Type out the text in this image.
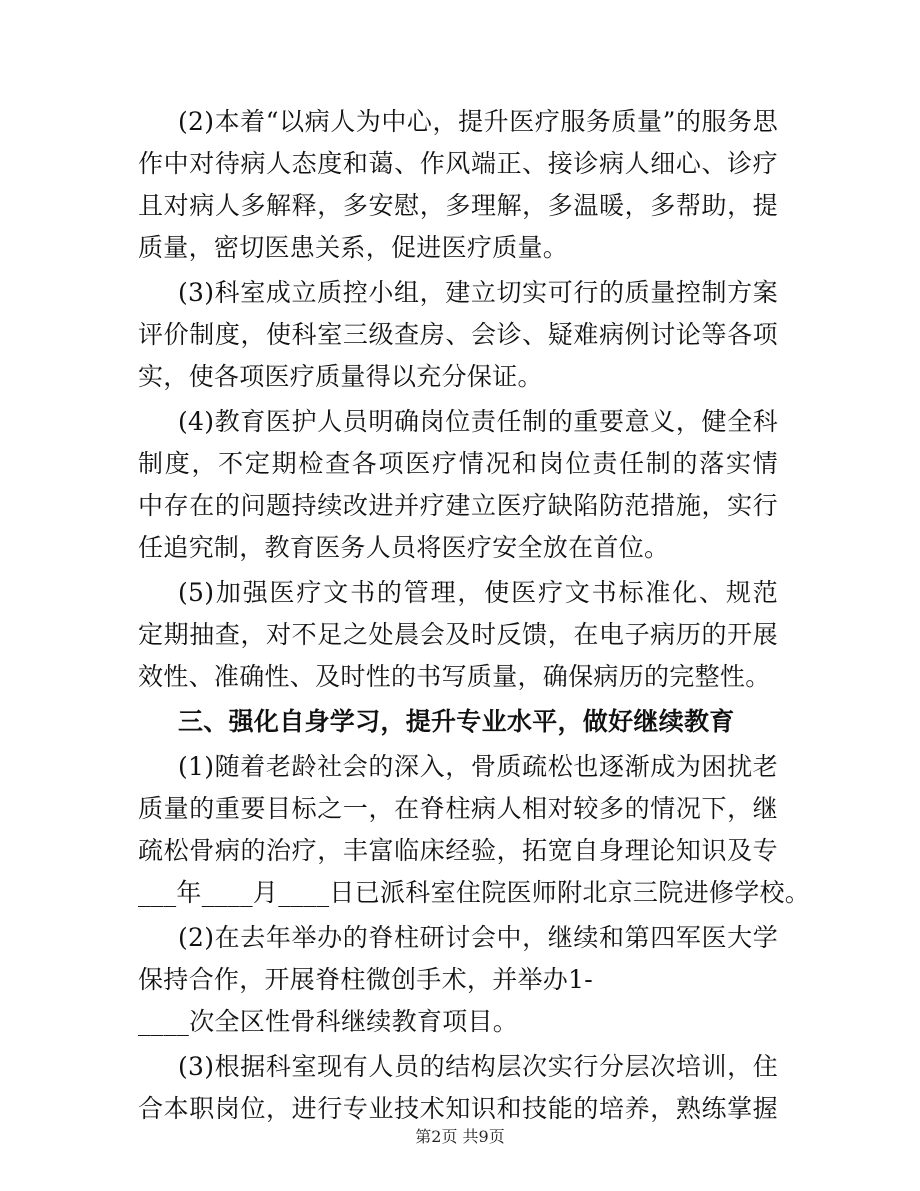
(2)本着“以病人为中心，提升医疗服务质量”的服务思
作中对待病人态度和蔼、作风端正、接诊病人细心、诊疗
且对病人多解释，多安慰，多理解，多温暖，多帮助，提
质量，密切医患关系，促进医疗质量。
(3)科室成立质控小组，建立切实可行的质量控制方案
评价制度，使科室三级查房、会诊、疑难病例讨论等各项
实，使各项医疗质量得以充分保证。
(4)教育医护人员明确岗位责任制的重要意义，健全科
制度，不定期检查各项医疗情况和岗位责任制的落实情
中存在的问题持续改进并疗建立医疗缺陷防范措施，实行
任追究制，教育医务人员将医疗安全放在首位。
(5)加强医疗文书的管理，使医疗文书标准化、规范
定期抽查，对不足之处晨会及时反馈，在电子病历的开展
效性、准确性、及时性的书写质量，确保病历的完整性。
三、强化自身学习，提升专业水平，做好继续教育
(1)随着老龄社会的深入，骨质疏松也逐渐成为困扰老
质量的重要目标之一，在脊柱病人相对较多的情况下，继
疏松骨病的治疗，丰富临床经验，拓宽自身理论知识及专
___年____月____日已派科室住院医师附北京三院进修学校。
(2)在去年举办的脊柱研讨会中，继续和第四军医大学
保持合作，开展脊柱微创手术，并举办1-
____次全区性骨科继续教育项目。
(3)根据科室现有人员的结构层次实行分层次培训，住
合本职岗位，进行专业技术知识和技能的培养，熟练掌握
第2页 共9页
